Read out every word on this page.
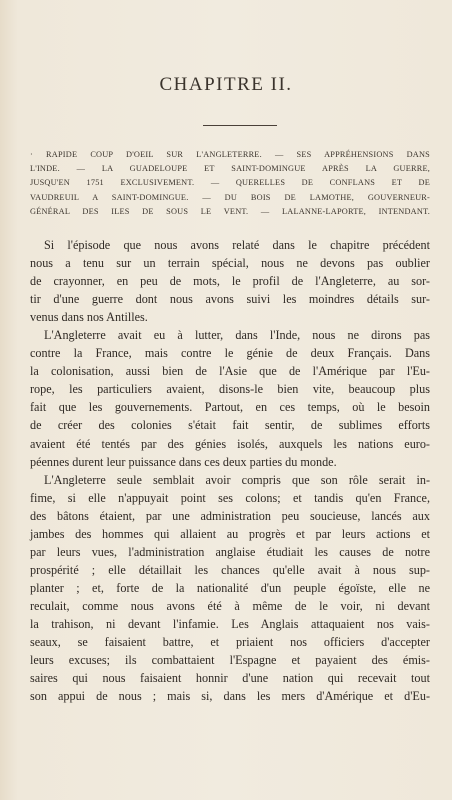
CHAPITRE II.
· RAPIDE COUP D'OEIL SUR L'ANGLETERRE. — SES APPRÉHENSIONS DANS
L'INDE. — LA GUADELOUPE ET SAINT-DOMINGUE APRÈS LA GUERRE,
JUSQU'EN 1751 EXCLUSIVEMENT. — QUERELLES DE CONFLANS ET DE
VAUDREUIL A SAINT-DOMINGUE. — DU BOIS DE LAMOTHE, GOUVERNEUR-
GÉNÉRAL DES ILES DE SOUS LE VENT. — LALANNE-LAPORTE, INTENDANT.
Si l'épisode que nous avons relaté dans le chapitre précédent
nous a tenu sur un terrain spécial, nous ne devons pas oublier
de crayonner, en peu de mots, le profil de l'Angleterre, au sor-
tir d'une guerre dont nous avons suivi les moindres détails sur-
venus dans nos Antilles.
L'Angleterre avait eu à lutter, dans l'Inde, nous ne dirons pas
contre la France, mais contre le génie de deux Français. Dans
la colonisation, aussi bien de l'Asie que de l'Amérique par l'Eu-
rope, les particuliers avaient, disons-le bien vite, beaucoup plus
fait que les gouvernements. Partout, en ces temps, où le besoin
de créer des colonies s'était fait sentir, de sublimes efforts
avaient été tentés par des génies isolés, auxquels les nations euro-
péennes durent leur puissance dans ces deux parties du monde.
L'Angleterre seule semblait avoir compris que son rôle serait in-
fime, si elle n'appuyait point ses colons; et tandis qu'en France,
des bâtons étaient, par une administration peu soucieuse, lancés aux
jambes des hommes qui allaient au progrès et par leurs actions et
par leurs vues, l'administration anglaise étudiait les causes de notre
prospérité ; elle détaillait les chances qu'elle avait à nous sup-
planter ; et, forte de la nationalité d'un peuple égoïste, elle ne
reculait, comme nous avons été à même de le voir, ni devant
la trahison, ni devant l'infamie. Les Anglais attaquaient nos vais-
seaux, se faisaient battre, et priaient nos officiers d'accepter
leurs excuses; ils combattaient l'Espagne et payaient des émis-
saires qui nous faisaient honnir d'une nation qui recevait tout
son appui de nous ; mais si, dans les mers d'Amérique et d'Eu-
